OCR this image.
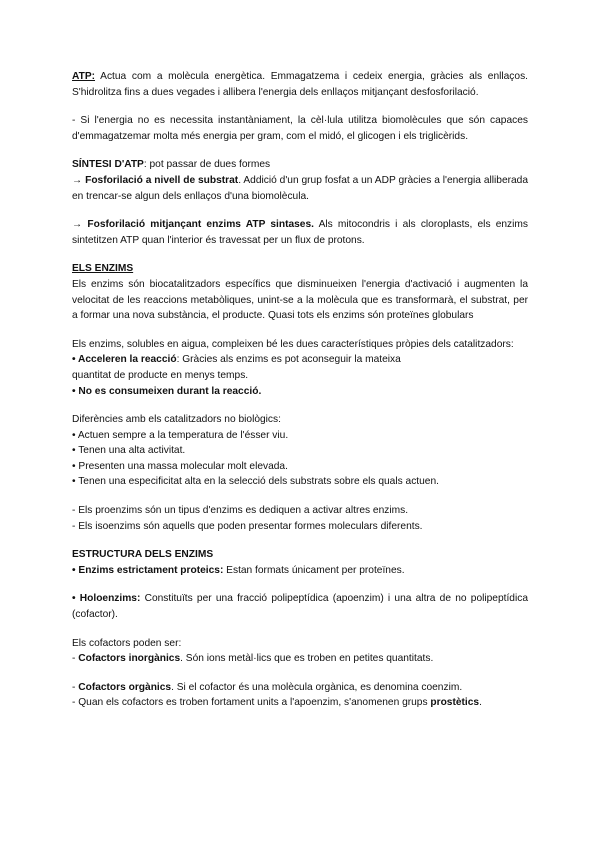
ATP: Actua com a molècula energètica. Emmagatzema i cedeix energia, gràcies als enllaços. S'hidrolitza fins a dues vegades i allibera l'energia dels enllaços mitjançant desfosforilació.

- Si l'energia no es necessita instantàniament, la cèl·lula utilitza biomolècules que són capaces d'emmagatzemar molta més energia per gram, com el midó, el glicogen i els triglicèrids.

SÍNTESI D'ATP: pot passar de dues formes

→ Fosforilació a nivell de substrat. Addició d'un grup fosfat a un ADP gràcies a l'energia alliberada en trencar-se algun dels enllaços d'una biomolècula.

→ Fosforilació mitjançant enzims ATP sintases. Als mitocondris i als cloroplasts, els enzims sintetitzen ATP quan l'interior és travessat per un flux de protons.

ELS ENZIMS

Els enzims són biocatalitzadors específics que disminueixen l'energia d'activació i augmenten la velocitat de les reaccions metabòliques, unint-se a la molècula que es transformarà, el substrat, per a formar una nova substància, el producte. Quasi tots els enzims són proteïnes globulars

Els enzims, solubles en aigua, compleixen bé les dues característiques pròpies dels catalitzadors:

• Acceleren la reacció: Gràcies als enzims es pot aconseguir la mateixa

quantitat de producte en menys temps.

• No es consumeixen durant la reacció.

Diferències amb els catalitzadors no biològics:

• Actuen sempre a la temperatura de l'ésser viu.

• Tenen una alta activitat.

• Presenten una massa molecular molt elevada.

• Tenen una especificitat alta en la selecció dels substrats sobre els quals actuen.

- Els proenzims són un tipus d'enzims es dediquen a activar altres enzims.

- Els isoenzims són aquells que poden presentar formes moleculars diferents.

ESTRUCTURA DELS ENZIMS

• Enzims estrictament proteics: Estan formats únicament per proteïnes.

• Holoenzims: Constituïts per una fracció polipeptídica (apoenzim) i una altra de no polipeptídica (cofactor).

Els cofactors poden ser:

- Cofactors inorgànics. Són ions metàl·lics que es troben en petites quantitats.

- Cofactors orgànics. Si el cofactor és una molècula orgànica, es denomina coenzim.

- Quan els cofactors es troben fortament units a l'apoenzim, s'anomenen grups prostètics.
